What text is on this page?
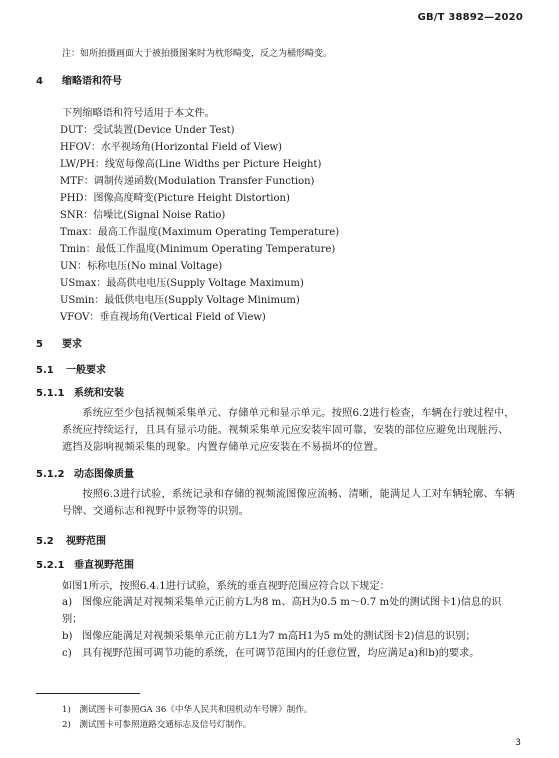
GB/T 38892—2020
注：如所拍摄画面大于被拍摄图案时为枕形畸变，反之为桶形畸变。
4 缩略语和符号
下列缩略语和符号适用于本文件。
DUT：受试装置(Device Under Test)
HFOV：水平视场角(Horizontal Field of View)
LW/PH：线宽每像高(Line Widths per Picture Height)
MTF：调制传递函数(Modulation Transfer Function)
PHD：图像高度畸变(Picture Height Distortion)
SNR：信噪比(Signal Noise Ratio)
Tmax：最高工作温度(Maximum Operating Temperature)
Tmin：最低工作温度(Minimum Operating Temperature)
UN：标称电压(No minal Voltage)
USmax：最高供电电压(Supply Voltage Maximum)
USmin：最低供电电压(Supply Voltage Minimum)
VFOV：垂直视场角(Vertical Field of View)
5 要求
5.1 一般要求
5.1.1 系统和安装
系统应至少包括视频采集单元、存储单元和显示单元。按照6.2进行检查，车辆在行驶过程中，系统应持续运行，且具有显示功能。视频采集单元应安装牢固可靠，安装的部位应避免出现脏污、遮挡及影响视频采集的现象。内置存储单元应安装在不易损坏的位置。
5.1.2 动态图像质量
按照6.3进行试验，系统记录和存储的视频流图像应流畅、清晰，能满足人工对车辆轮廓、车辆号牌、交通标志和视野中景物等的识别。
5.2 视野范围
5.2.1 垂直视野范围
如图1所示，按照6.4.1进行试验，系统的垂直视野范围应符合以下规定：
a) 图像应能满足对视频采集单元正前方L为8 m、高H为0.5 m～0.7 m处的测试图卡1)信息的识别；
b) 图像应能满足对视频采集单元正前方L1为7 m高H1为5 m处的测试图卡2)信息的识别；
c) 具有视野范围可调节功能的系统，在可调节范围内的任意位置，均应满足a)和b)的要求。
1)　测试图卡可参照GA 36《中华人民共和国机动车号牌》制作。
2)　测试图卡可参照道路交通标志及信号灯制作。
3
